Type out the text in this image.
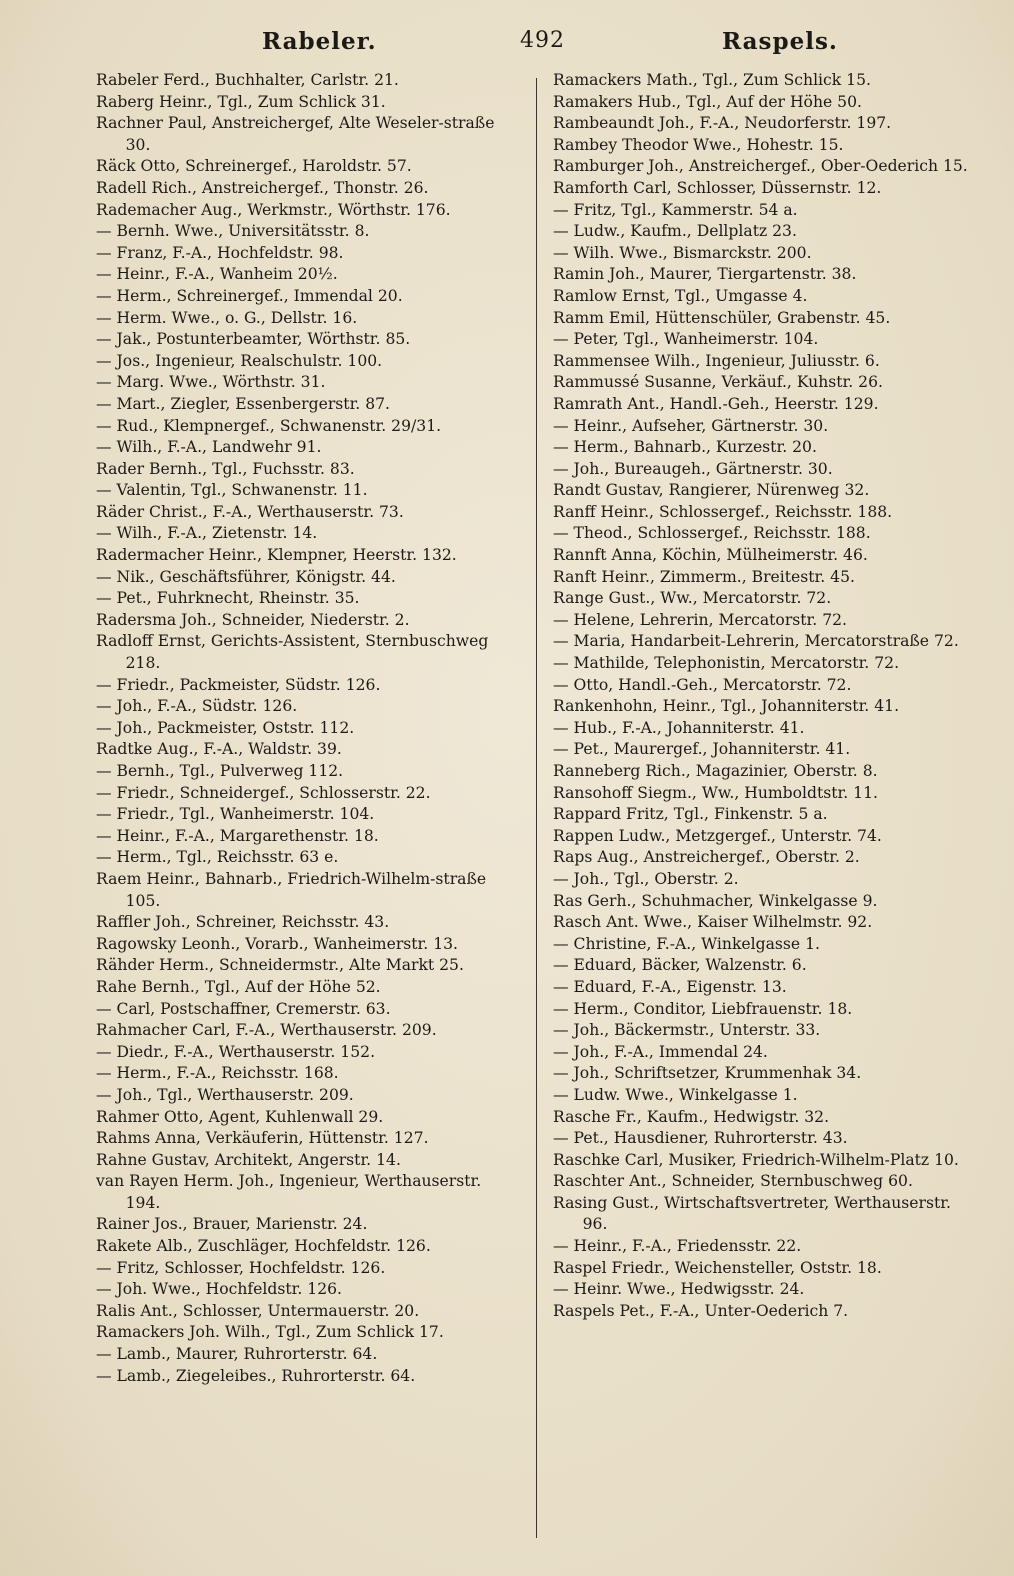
Rabeler.	492	Raspels.

Rabeler Ferd., Buchhalter, Carlstr. 21.

Raberg Heinr., Tgl., Zum Schlick 31.

Rachner Paul, Anstreichergef, Alte Weseler-straße 30.

Räck Otto, Schreinergef., Haroldstr. 57.

Radell Rich., Anstreichergef., Thonstr. 26.

Rademacher Aug., Werkmstr., Wörthstr. 176.

— Bernh. Wwe., Universitätsstr. 8.

— Franz, F.-A., Hochfeldstr. 98.

— Heinr., F.-A., Wanheim 20½.

— Herm., Schreinergef., Immendal 20.

— Herm. Wwe., o. G., Dellstr. 16.

— Jak., Postunterbeamter, Wörthstr. 85.

— Jos., Ingenieur, Realschulstr. 100.

— Marg. Wwe., Wörthstr. 31.

— Mart., Ziegler, Essenbergerstr. 87.

— Rud., Klempnergef., Schwanenstr. 29/31.

— Wilh., F.-A., Landwehr 91.

Rader Bernh., Tgl., Fuchsstr. 83.

— Valentin, Tgl., Schwanenstr. 11.

Räder Christ., F.-A., Werthauserstr. 73.

— Wilh., F.-A., Zietenstr. 14.

Radermacher Heinr., Klempner, Heerstr. 132.

— Nik., Geschäftsführer, Königstr. 44.

— Pet., Fuhrknecht, Rheinstr. 35.

Radersma Joh., Schneider, Niederstr. 2.

Radloff Ernst, Gerichts-Assistent, Sternbuschweg 218.

— Friedr., Packmeister, Südstr. 126.

— Joh., F.-A., Südstr. 126.

— Joh., Packmeister, Oststr. 112.

Radtke Aug., F.-A., Waldstr. 39.

— Bernh., Tgl., Pulverweg 112.

— Friedr., Schneidergef., Schlosserstr. 22.

— Friedr., Tgl., Wanheimerstr. 104.

— Heinr., F.-A., Margarethenstr. 18.

— Herm., Tgl., Reichsstr. 63 e.

Raem Heinr., Bahnarb., Friedrich-Wilhelm-straße 105.

Raffler Joh., Schreiner, Reichsstr. 43.

Ragowsky Leonh., Vorarb., Wanheimerstr. 13.

Rähder Herm., Schneidermstr., Alte Markt 25.

Rahe Bernh., Tgl., Auf der Höhe 52.

— Carl, Postschaffner, Cremerstr. 63.

Rahmacher Carl, F.-A., Werthauserstr. 209.

— Diedr., F.-A., Werthauserstr. 152.

— Herm., F.-A., Reichsstr. 168.

— Joh., Tgl., Werthauserstr. 209.

Rahmer Otto, Agent, Kuhlenwall 29.

Rahms Anna, Verkäuferin, Hüttenstr. 127.

Rahne Gustav, Architekt, Angerstr. 14.

van Rayen Herm. Joh., Ingenieur, Werthauserstr. 194.

Rainer Jos., Brauer, Marienstr. 24.

Rakete Alb., Zuschläger, Hochfeldstr. 126.

— Fritz, Schlosser, Hochfeldstr. 126.

— Joh. Wwe., Hochfeldstr. 126.

Ralis Ant., Schlosser, Untermauerstr. 20.

Ramackers Joh. Wilh., Tgl., Zum Schlick 17.

— Lamb., Maurer, Ruhrorterstr. 64.

— Lamb., Ziegeleibes., Ruhrorterstr. 64.

Ramackers Math., Tgl., Zum Schlick 15.

Ramakers Hub., Tgl., Auf der Höhe 50.

Rambeaundt Joh., F.-A., Neudorferstr. 197.

Rambey Theodor Wwe., Hohestr. 15.

Ramburger Joh., Anstreichergef., Ober-Oederich 15.

Ramforth Carl, Schlosser, Düssernstr. 12.

— Fritz, Tgl., Kammerstr. 54 a.

— Ludw., Kaufm., Dellplatz 23.

— Wilh. Wwe., Bismarckstr. 200.

Ramin Joh., Maurer, Tiergartenstr. 38.

Ramlow Ernst, Tgl., Umgasse 4.

Ramm Emil, Hüttenschüler, Grabenstr. 45.

— Peter, Tgl., Wanheimerstr. 104.

Rammensee Wilh., Ingenieur, Juliusstr. 6.

Rammussé Susanne, Verkäuf., Kuhstr. 26.

Ramrath Ant., Handl.-Geh., Heerstr. 129.

— Heinr., Aufseher, Gärtnerstr. 30.

— Herm., Bahnarb., Kurzestr. 20.

— Joh., Bureaugeh., Gärtnerstr. 30.

Randt Gustav, Rangierer, Nürenweg 32.

Ranff Heinr., Schlossergef., Reichsstr. 188.

— Theod., Schlossergef., Reichsstr. 188.

Rannft Anna, Köchin, Mülheimerstr. 46.

Ranft Heinr., Zimmerm., Breitestr. 45.

Range Gust., Ww., Mercatorstr. 72.

— Helene, Lehrerin, Mercatorstr. 72.

— Maria, Handarbeit-Lehrerin, Mercatorstraße 72.

— Mathilde, Telephonistin, Mercatorstr. 72.

— Otto, Handl.-Geh., Mercatorstr. 72.

Rankenhohn, Heinr., Tgl., Johanniterstr. 41.

— Hub., F.-A., Johanniterstr. 41.

— Pet., Maurergef., Johanniterstr. 41.

Ranneberg Rich., Magazinier, Oberstr. 8.

Ransohoff Siegm., Ww., Humboldtstr. 11.

Rappard Fritz, Tgl., Finkenstr. 5 a.

Rappen Ludw., Metzgergef., Unterstr. 74.

Raps Aug., Anstreichergef., Oberstr. 2.

— Joh., Tgl., Oberstr. 2.

Ras Gerh., Schuhmacher, Winkelgasse 9.

Rasch Ant. Wwe., Kaiser Wilhelmstr. 92.

— Christine, F.-A., Winkelgasse 1.

— Eduard, Bäcker, Walzenstr. 6.

— Eduard, F.-A., Eigenstr. 13.

— Herm., Conditor, Liebfrauenstr. 18.

— Joh., Bäckermstr., Unterstr. 33.

— Joh., F.-A., Immendal 24.

— Joh., Schriftsetzer, Krummenhak 34.

— Ludw. Wwe., Winkelgasse 1.

Rasche Fr., Kaufm., Hedwigstr. 32.

— Pet., Hausdiener, Ruhrorterstr. 43.

Raschke Carl, Musiker, Friedrich-Wilhelm-Platz 10.

Raschter Ant., Schneider, Sternbuschweg 60.

Rasing Gust., Wirtschaftsvertreter, Werthauserstr. 96.

— Heinr., F.-A., Friedensstr. 22.

Raspel Friedr., Weichensteller, Oststr. 18.

— Heinr. Wwe., Hedwigsstr. 24.

Raspels Pet., F.-A., Unter-Oederich 7.
